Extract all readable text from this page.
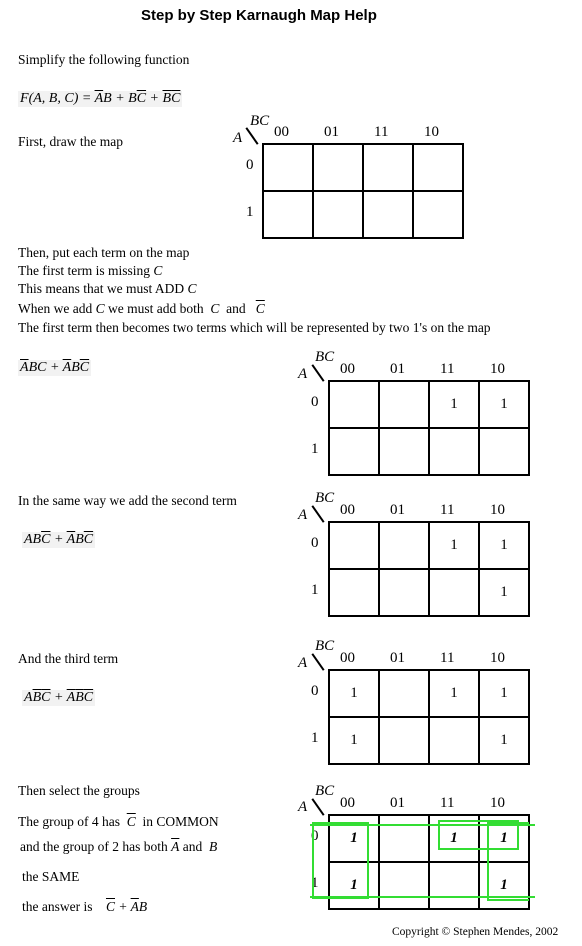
Step by Step Karnaugh Map Help
Simplify the following function
F(A, B, $C) = \overline{A}B + B\overline{C} + \overline{B}\overline{C}$
First, draw the map
Then, put each term on the map
The first term is missing C
This means that we must ADD C
When we add C we must add both C and $\overline{C}$
The first term then becomes two terms which will be represented by two 1's on the map
$\overline{A}BC + \overline{A}B\overline{C}$
In the same way we add the second term
$AB\overline{C} + \overline{A}B\overline{C}$
And the third term
$A\overline{B}\overline{C} + \overline{A}\overline{B}\overline{C}$
Then select the groups
The group of 4 has $\overline{C}$ in COMMON
and the group of 2 has both $\overline{A}$ and B
the SAME
the answer is $\overline{C} + \overline{A}B$
BC
A 00 01 11 10
0
1

BC
A 00 01 11 10
0
1
		1	1

BC
A 00 01 11 10
0
1
		1	1
			1
BC
A 00 01 11 10
0
1
1		1	1
1			1
BC
A 00 01 11 10
0
1
1		1	1
1			1
Copyright © Stephen Mendes, 2002
